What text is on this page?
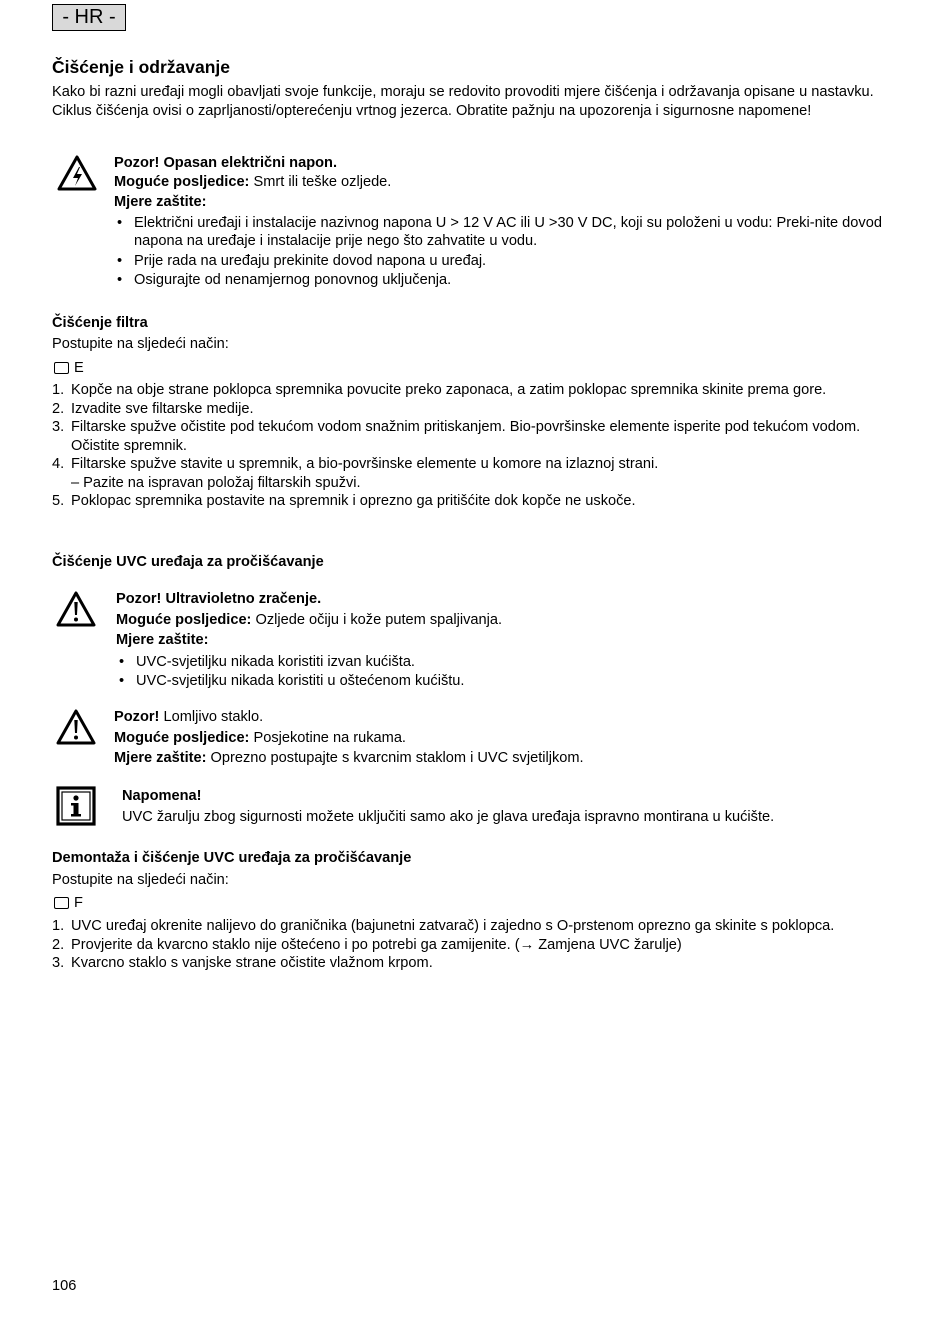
- HR -
Čišćenje i održavanje

Kako bi razni uređaji mogli obavljati svoje funkcije, moraju se redovito provoditi mjere čišćenja i održavanja opisane u nastavku. Ciklus čišćenja ovisi o zaprljanosti/opterećenju vrtnog jezerca. Obratite pažnju na upozorenja i sigurnosne napomene!

Pozor! Opasan električni napon.
Moguće posljedice: Smrt ili teške ozljede.
Mjere zaštite:
• Električni uređaji i instalacije nazivnog napona U > 12 V AC ili U >30 V DC, koji su položeni u vodu: Preki-nite dovod napona na uređaje i instalacije prije nego što zahvatite u vodu.
• Prije rada na uređaju prekinite dovod napona u uređaj.
• Osigurajte od nenamjernog ponovnog uključenja.
Čišćenje filtra
Postupite na sljedeći način:
E
1. Kopče na obje strane poklopca spremnika povucite preko zaponaca, a zatim poklopac spremnika skinite prema gore.
2. Izvadite sve filtarske medije.
3. Filtarske spužve očistite pod tekućom vodom snažnim pritiskanjem. Bio-površinske elemente isperite pod tekućom vodom. Očistite spremnik.
4. Filtarske spužve stavite u spremnik, a bio-površinske elemente u komore na izlaznoj strani.
– Pazite na ispravan položaj filtarskih spužvi.
5. Poklopac spremnika postavite na spremnik i oprezno ga pritišćite dok kopče ne uskoče.
Čišćenje UVC uređaja za pročišćavanje
Pozor! Ultravioletno zračenje.
Moguće posljedice: Ozljede očiju i kože putem spaljivanja.
Mjere zaštite:
• UVC-svjetiljku nikada koristiti izvan kućišta.
• UVC-svjetiljku nikada koristiti u oštećenom kućištu.
Pozor! Lomljivo staklo.
Moguće posljedice: Posjekotine na rukama.
Mjere zaštite: Oprezno postupajte s kvarcnim staklom i UVC svjetiljkom.
Napomena!
UVC žarulju zbog sigurnosti možete uključiti samo ako je glava uređaja ispravno montirana u kućište.
Demontaža i čišćenje UVC uređaja za pročišćavanje
Postupite na sljedeći način:
F
1. UVC uređaj okrenite nalijevo do graničnika (bajunetni zatvarač) i zajedno s O-prstenom oprezno ga skinite s poklopca.
2. Provjerite da kvarcno staklo nije oštećeno i po potrebi ga zamijenite. (→ Zamjena UVC žarulje)
3. Kvarcno staklo s vanjske strane očistite vlažnom krpom.
106
